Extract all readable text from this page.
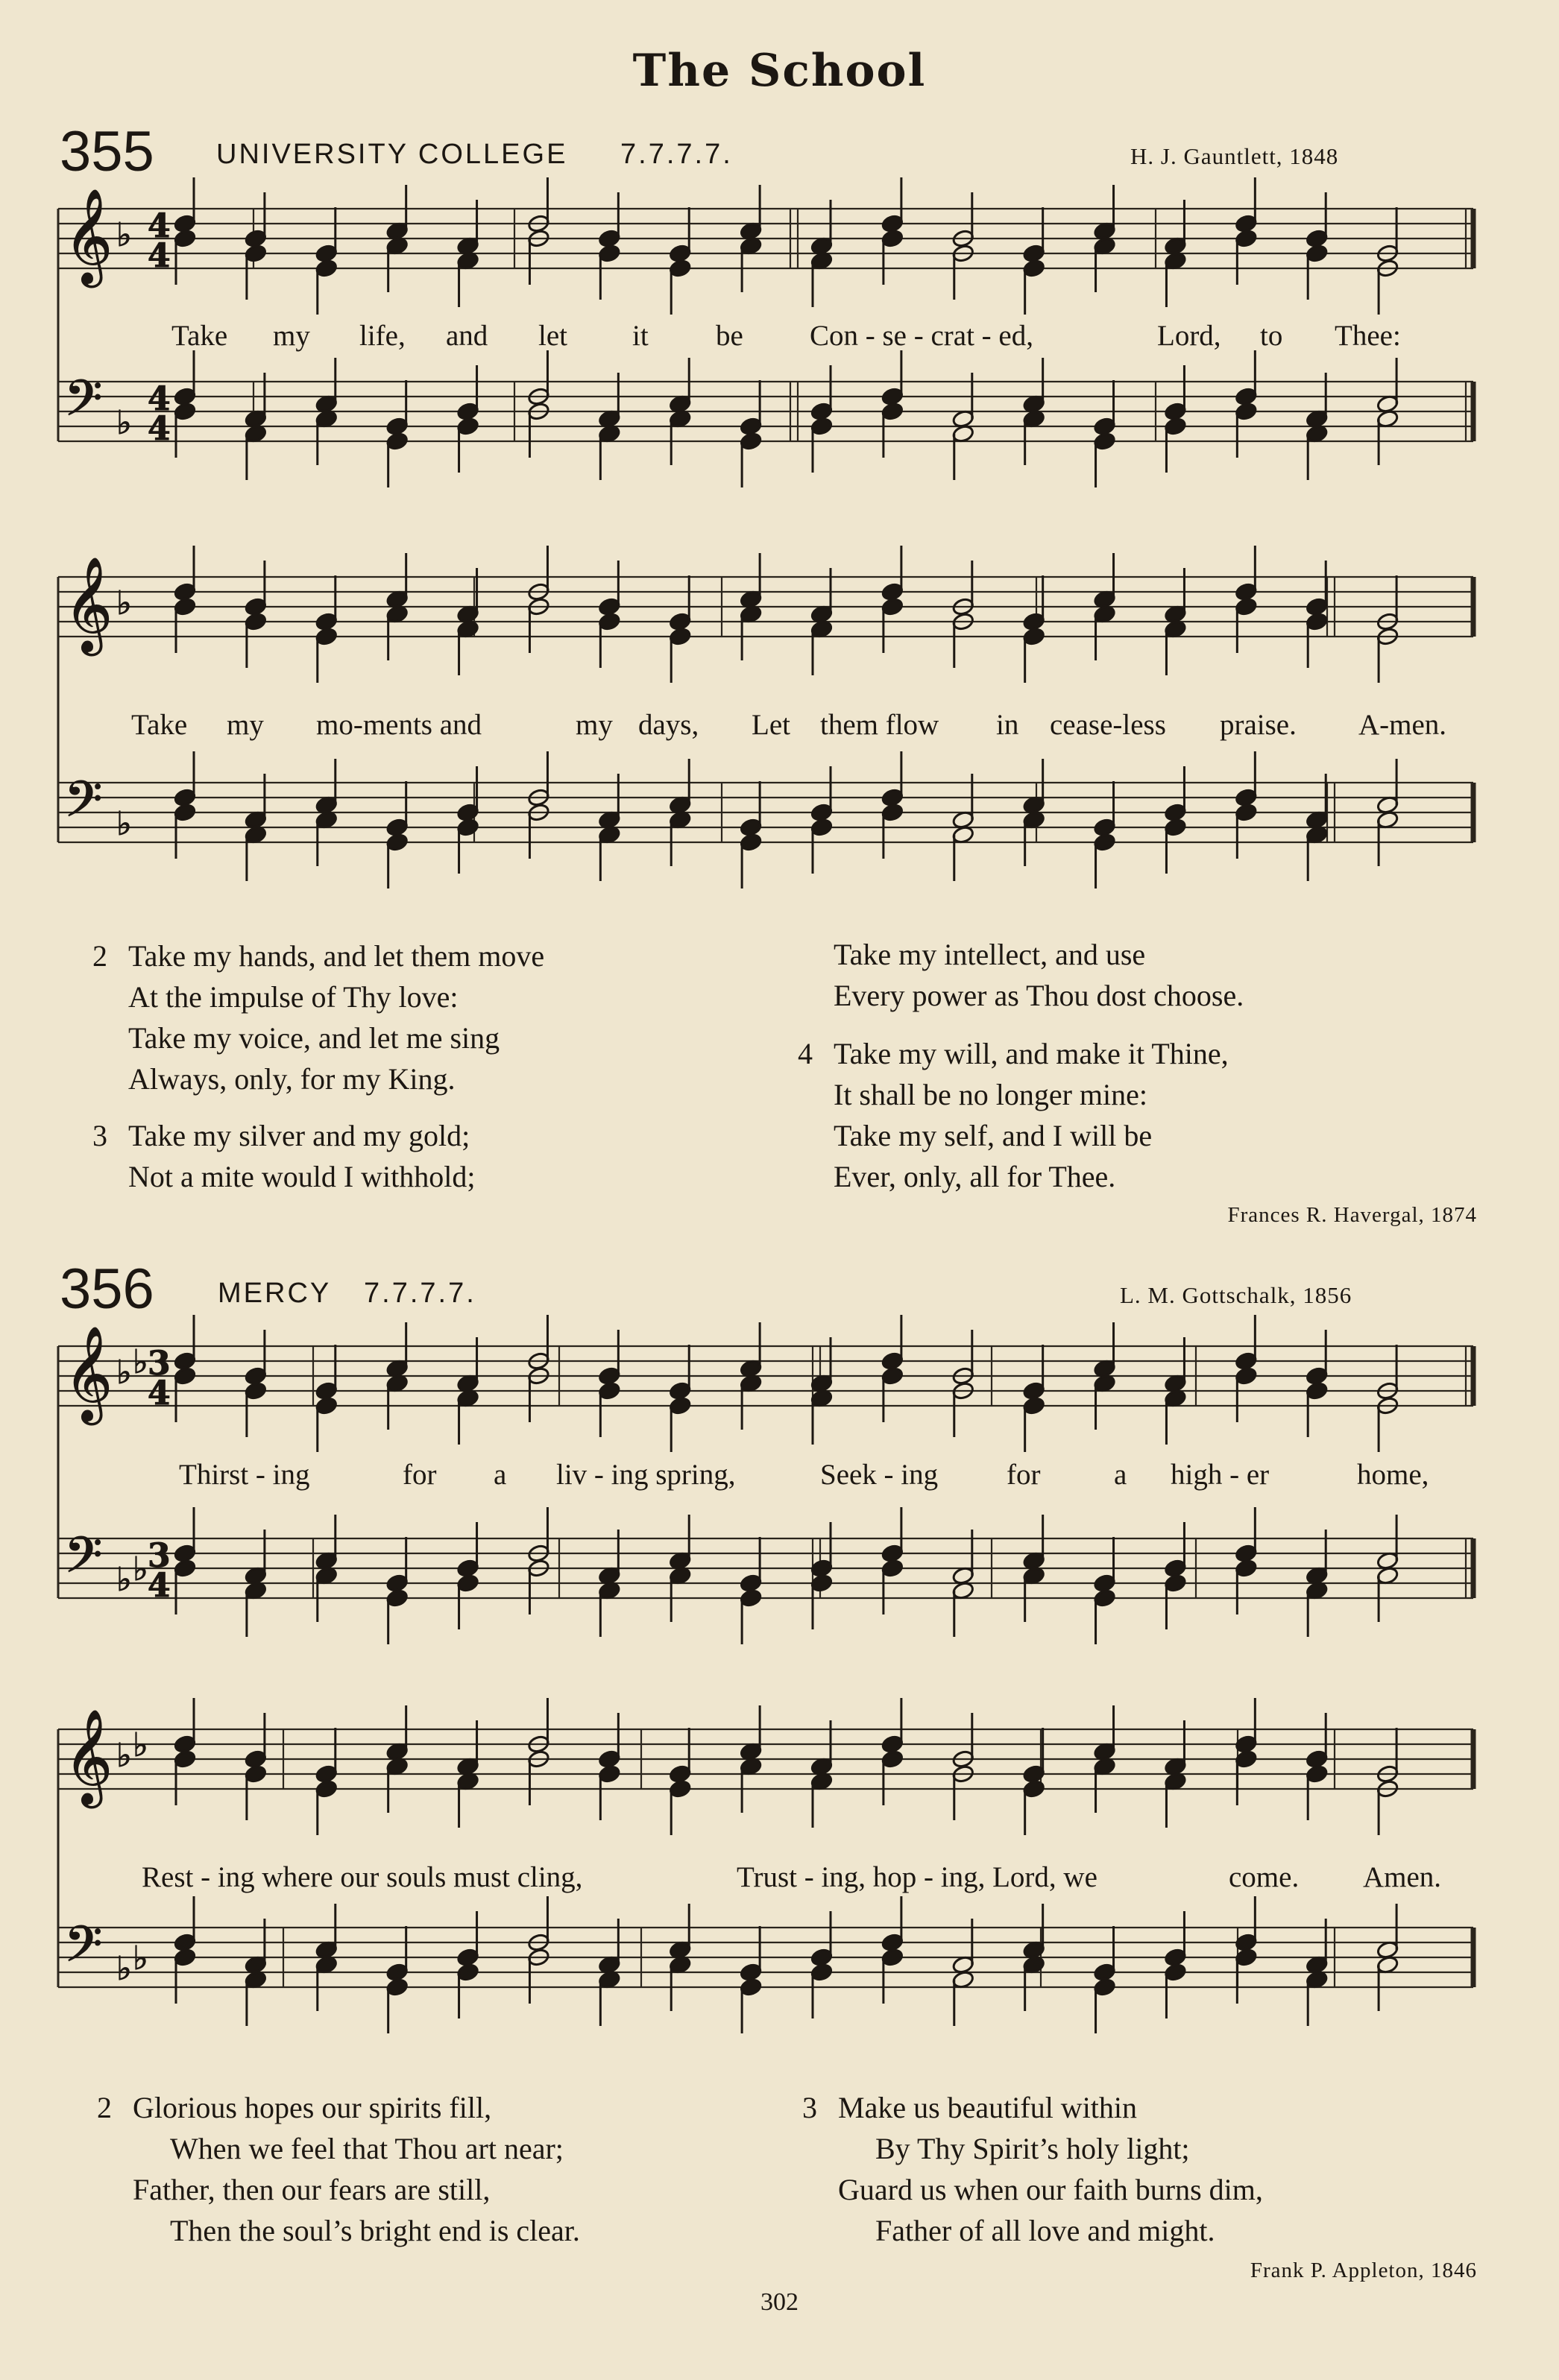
𝄞
𝄢
♭
♭
𝄞
𝄢
♭
♭
𝄞
𝄢
♭
♭
♭
♭
𝄞
𝄢
♭
♭
♭
♭
4
4
4
4
3
4
3
4
The School
355 UNIVERSITY COLLEGE 7.7.7.7.	H. J. Gauntlett, 1848
Take my life, and let it be Con - se - crat - ed,	Lord, to Thee:
Take my mo-ments and	my days, Let them flow in cease-less praise. A-men.
2 Take my hands, and let them move
At the impulse of Thy love:
Take my voice, and let me sing
Always, only, for my King.
3 Take my silver and my gold;
Not a mite would I withhold;
Take my intellect, and use
Every power as Thou dost choose.
4 Take my will, and make it Thine,
It shall be no longer mine:
Take my self, and I will be
Ever, only, all for Thee.
Frances R. Havergal, 1874
356 MERCY 7.7.7.7.	L. M. Gottschalk, 1856
Thirst - ing	for a liv - ing spring,	Seek - ing for	a high - er	home,
Rest - ing where our souls must cling,	Trust - ing, hop - ing, Lord, we	come. Amen.
2 Glorious hopes our spirits fill,
When we feel that Thou art near;
Father, then our fears are still,
Then the soul’s bright end is clear.
3 Make us beautiful within
By Thy Spirit’s holy light;
Guard us when our faith burns dim,
Father of all love and might.
Frank P. Appleton, 1846
302
